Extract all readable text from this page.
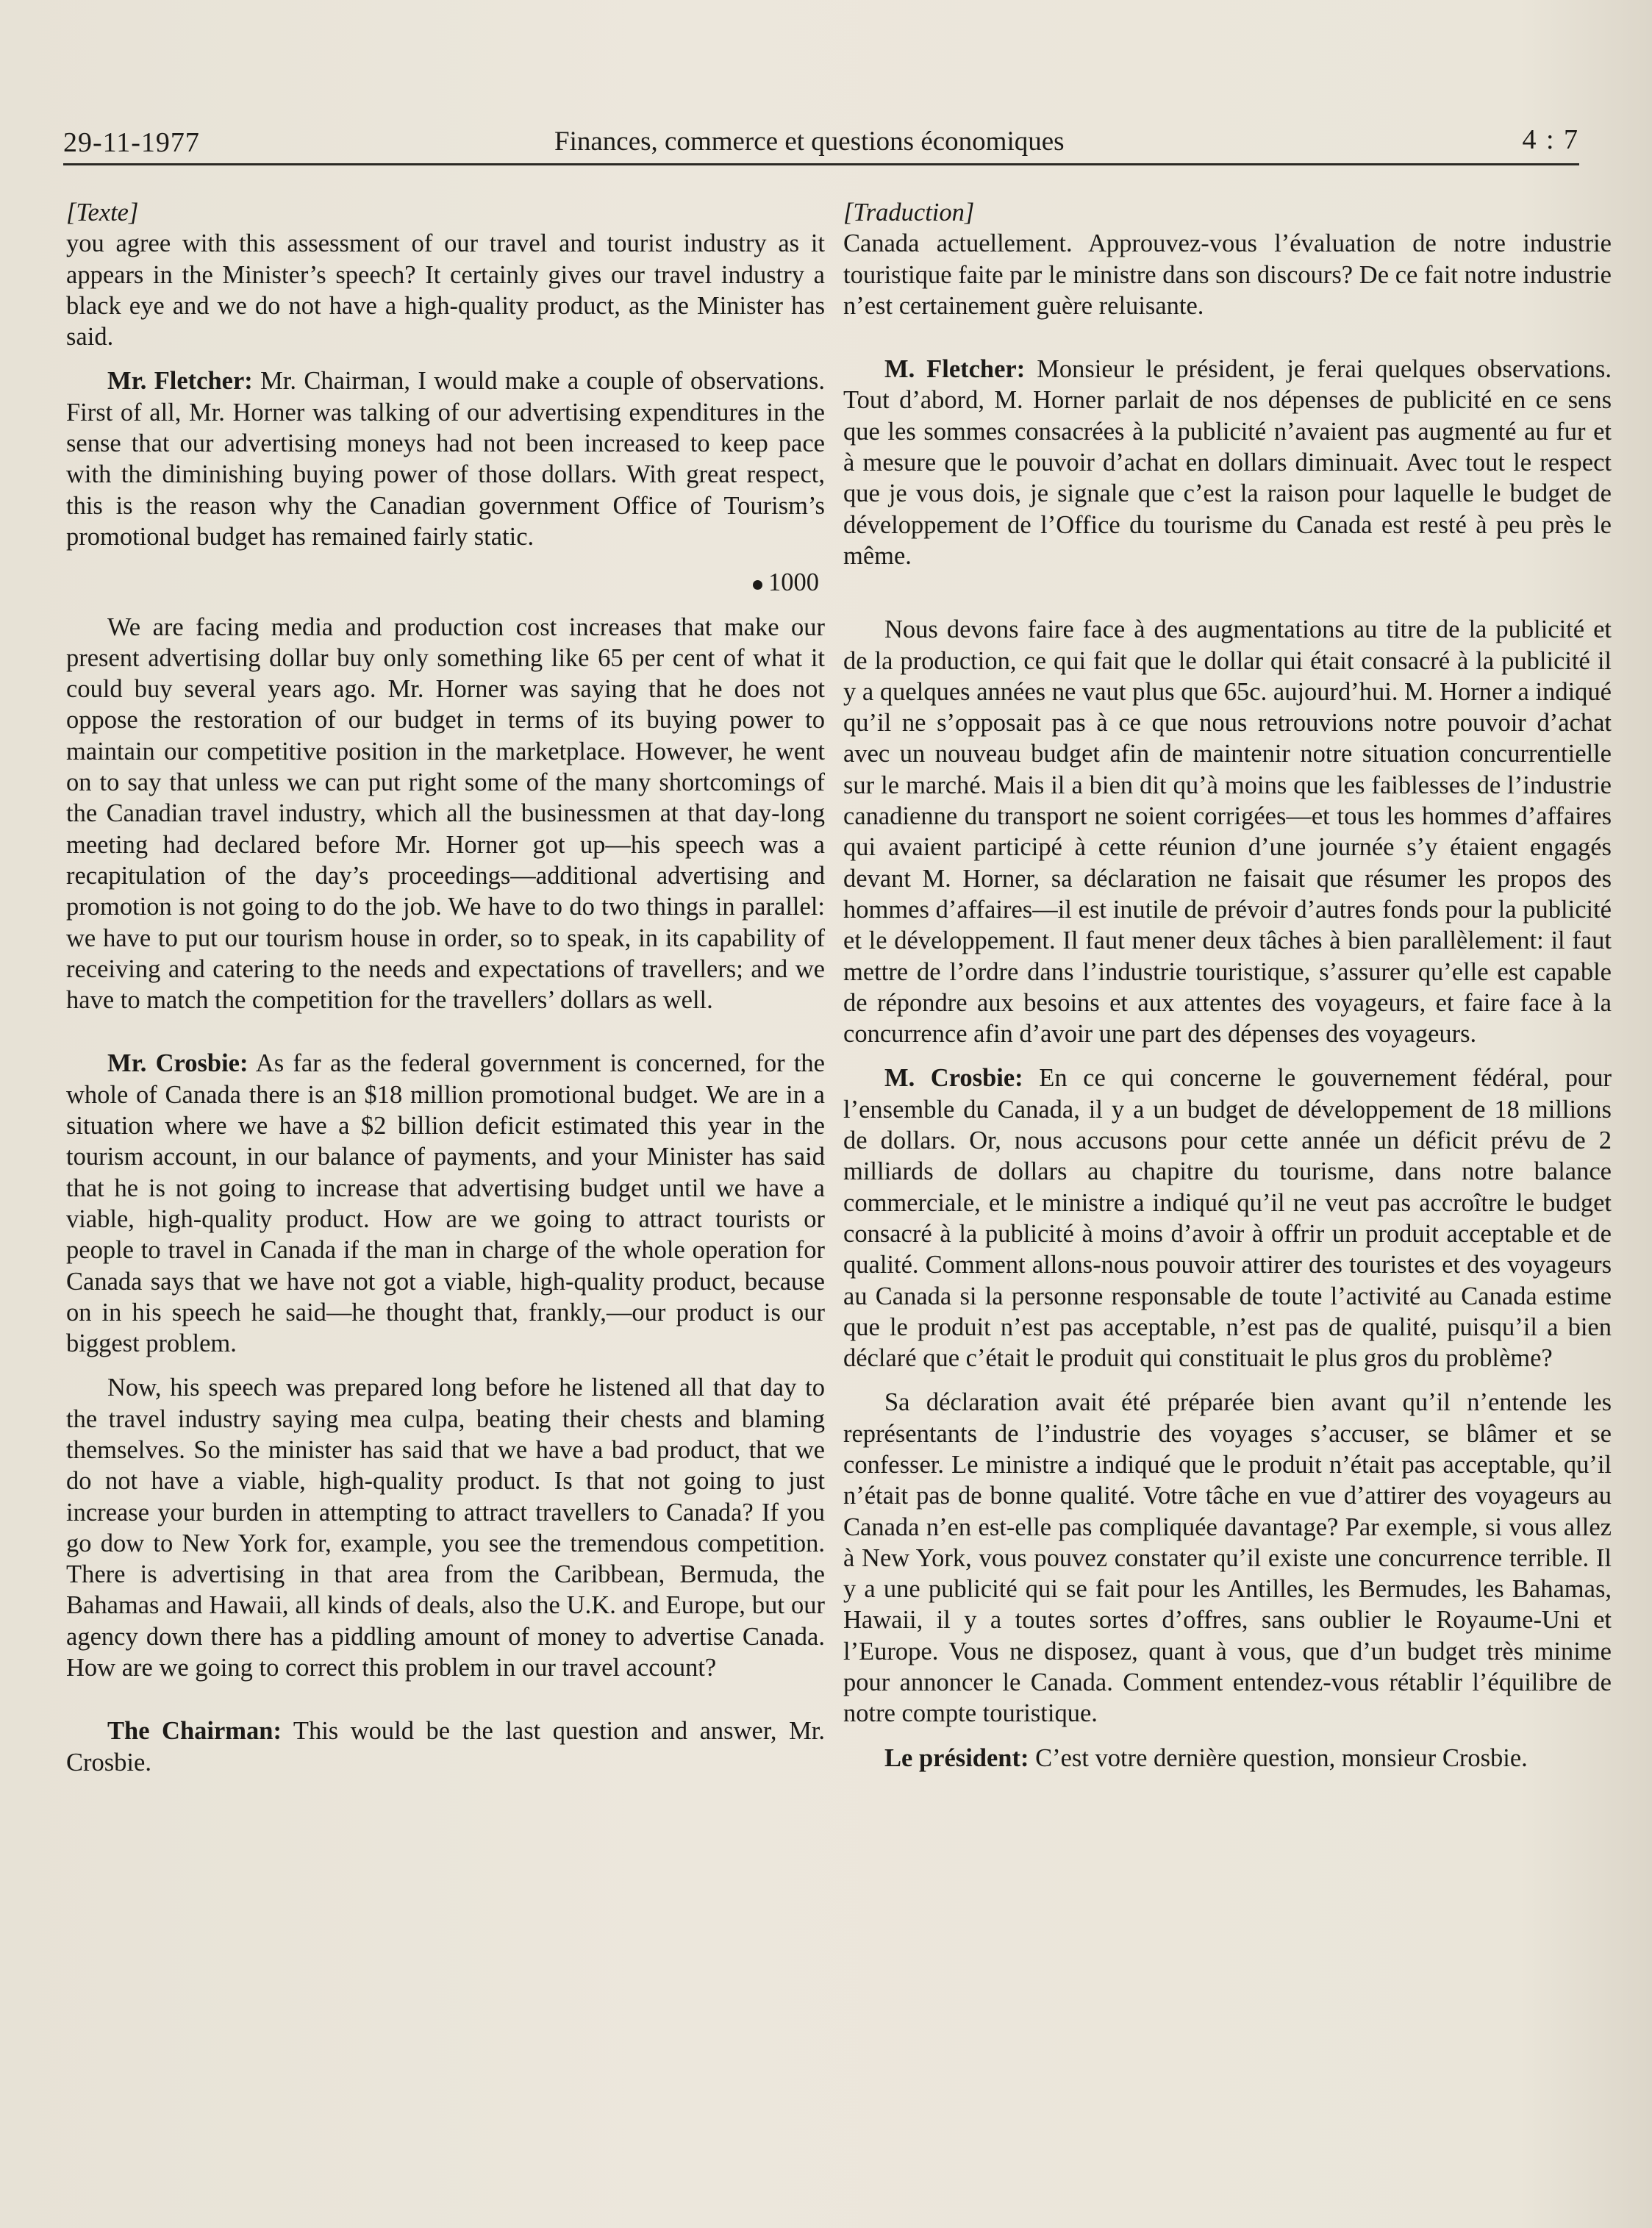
29-11-1977	Finances, commerce et questions économiques	4 : 7

[Texte]

you agree with this assessment of our travel and tourist industry as it appears in the Minister’s speech? It certainly gives our travel industry a black eye and we do not have a high-quality product, as the Minister has said.

Mr. Fletcher: Mr. Chairman, I would make a couple of observations. First of all, Mr. Horner was talking of our advertising expenditures in the sense that our advertising moneys had not been increased to keep pace with the diminishing buying power of those dollars. With great respect, this is the reason why the Canadian government Office of Tourism’s promotional budget has remained fairly static.

1000

We are facing media and production cost increases that make our present advertising dollar buy only something like 65 per cent of what it could buy several years ago. Mr. Horner was saying that he does not oppose the restoration of our budget in terms of its buying power to maintain our competitive position in the marketplace. However, he went on to say that unless we can put right some of the many shortcomings of the Canadian travel industry, which all the businessmen at that day-long meeting had declared before Mr. Horner got up—his speech was a recapitulation of the day’s proceedings—additional advertising and promotion is not going to do the job. We have to do two things in parallel: we have to put our tourism house in order, so to speak, in its capability of receiving and catering to the needs and expectations of travellers; and we have to match the competition for the travellers’ dollars as well.

Mr. Crosbie: As far as the federal government is concerned, for the whole of Canada there is an $18 million promotional budget. We are in a situation where we have a $2 billion deficit estimated this year in the tourism account, in our balance of payments, and your Minister has said that he is not going to increase that advertising budget until we have a viable, high-quality product. How are we going to attract tourists or people to travel in Canada if the man in charge of the whole operation for Canada says that we have not got a viable, high-quality product, because on in his speech he said—he thought that, frankly,—our product is our biggest problem.

Now, his speech was prepared long before he listened all that day to the travel industry saying mea culpa, beating their chests and blaming themselves. So the minister has said that we have a bad product, that we do not have a viable, high-quality product. Is that not going to just increase your burden in attempting to attract travellers to Canada? If you go dow to New York for, example, you see the tremendous competition. There is advertising in that area from the Caribbean, Bermuda, the Bahamas and Hawaii, all kinds of deals, also the U.K. and Europe, but our agency down there has a piddling amount of money to advertise Canada. How are we going to correct this problem in our travel account?

The Chairman: This would be the last question and answer, Mr. Crosbie.

[Traduction]

Canada actuellement. Approuvez-vous l’évaluation de notre industrie touristique faite par le ministre dans son discours? De ce fait notre industrie n’est certainement guère reluisante.

M. Fletcher: Monsieur le président, je ferai quelques observations. Tout d’abord, M. Horner parlait de nos dépenses de publicité en ce sens que les sommes consacrées à la publicité n’avaient pas augmenté au fur et à mesure que le pouvoir d’achat en dollars diminuait. Avec tout le respect que je vous dois, je signale que c’est la raison pour laquelle le budget de développement de l’Office du tourisme du Canada est resté à peu près le même.

Nous devons faire face à des augmentations au titre de la publicité et de la production, ce qui fait que le dollar qui était consacré à la publicité il y a quelques années ne vaut plus que 65c. aujourd’hui. M. Horner a indiqué qu’il ne s’opposait pas à ce que nous retrouvions notre pouvoir d’achat avec un nouveau budget afin de maintenir notre situation concurrentielle sur le marché. Mais il a bien dit qu’à moins que les faiblesses de l’industrie canadienne du transport ne soient corrigées—et tous les hommes d’affaires qui avaient participé à cette réunion d’une journée s’y étaient engagés devant M. Horner, sa déclaration ne faisait que résumer les propos des hommes d’affaires—il est inutile de prévoir d’autres fonds pour la publicité et le développement. Il faut mener deux tâches à bien parallèlement: il faut mettre de l’ordre dans l’industrie touristique, s’assurer qu’elle est capable de répondre aux besoins et aux attentes des voyageurs, et faire face à la concurrence afin d’avoir une part des dépenses des voyageurs.

M. Crosbie: En ce qui concerne le gouvernement fédéral, pour l’ensemble du Canada, il y a un budget de développement de 18 millions de dollars. Or, nous accusons pour cette année un déficit prévu de 2 milliards de dollars au chapitre du tourisme, dans notre balance commerciale, et le ministre a indiqué qu’il ne veut pas accroître le budget consacré à la publicité à moins d’avoir à offrir un produit acceptable et de qualité. Comment allons-nous pouvoir attirer des touristes et des voyageurs au Canada si la personne responsable de toute l’activité au Canada estime que le produit n’est pas acceptable, n’est pas de qualité, puisqu’il a bien déclaré que c’était le produit qui constituait le plus gros du problème?

Sa déclaration avait été préparée bien avant qu’il n’entende les représentants de l’industrie des voyages s’accuser, se blâmer et se confesser. Le ministre a indiqué que le produit n’était pas acceptable, qu’il n’était pas de bonne qualité. Votre tâche en vue d’attirer des voyageurs au Canada n’en est-elle pas compliquée davantage? Par exemple, si vous allez à New York, vous pouvez constater qu’il existe une concurrence terrible. Il y a une publicité qui se fait pour les Antilles, les Bermudes, les Bahamas, Hawaii, il y a toutes sortes d’offres, sans oublier le Royaume-Uni et l’Europe. Vous ne disposez, quant à vous, que d’un budget très minime pour annoncer le Canada. Comment entendez-vous rétablir l’équilibre de notre compte touristique.

Le président: C’est votre dernière question, monsieur Crosbie.
